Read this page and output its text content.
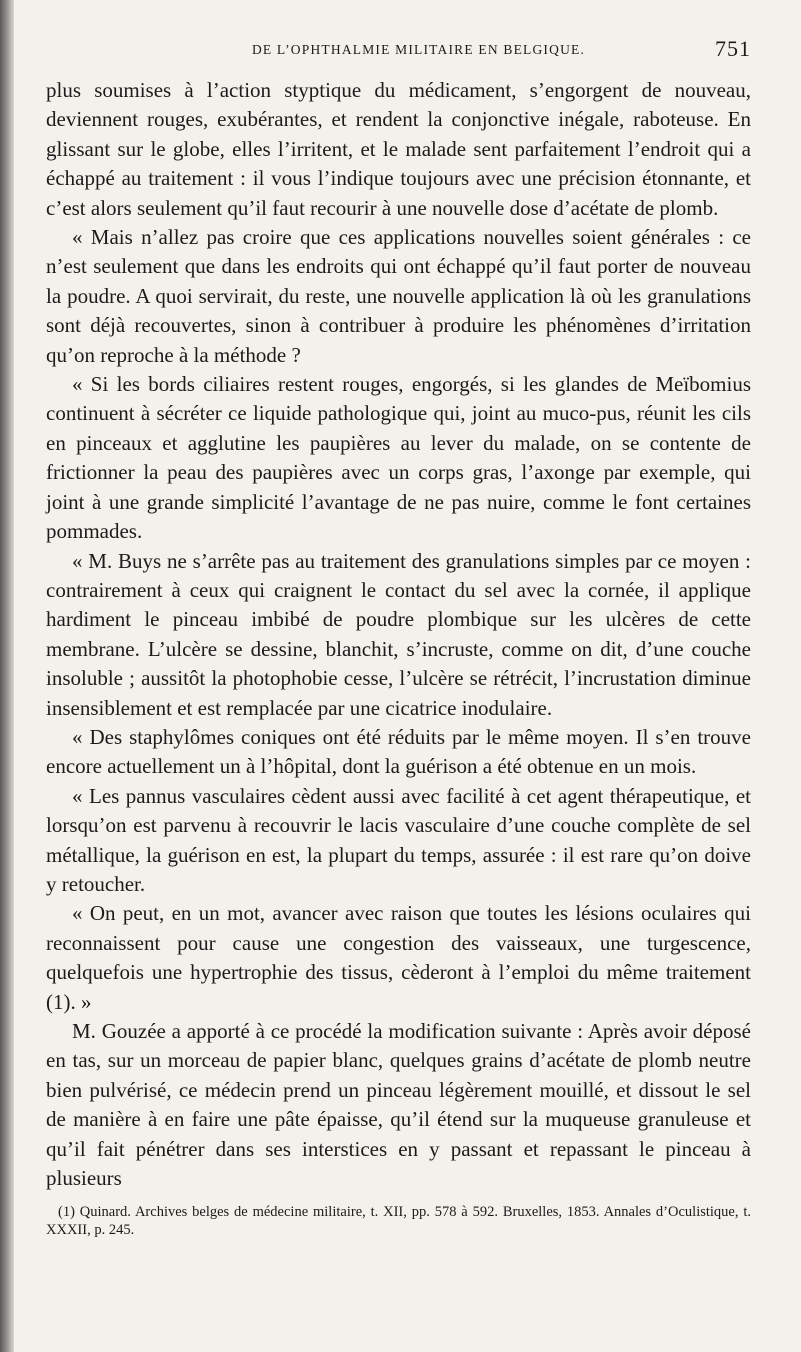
DE L’OPHTHALMIE MILITAIRE EN BELGIQUE.	751

plus soumises à l’action styptique du médicament, s’engorgent de nouveau, deviennent rouges, exubérantes, et rendent la conjonctive inégale, raboteuse. En glissant sur le globe, elles l’irritent, et le malade sent parfaitement l’endroit qui a échappé au traitement : il vous l’indique toujours avec une précision étonnante, et c’est alors seulement qu’il faut recourir à une nouvelle dose d’acétate de plomb.

« Mais n’allez pas croire que ces applications nouvelles soient générales : ce n’est seulement que dans les endroits qui ont échappé qu’il faut porter de nouveau la poudre. A quoi servirait, du reste, une nouvelle application là où les granulations sont déjà recouvertes, sinon à contribuer à produire les phénomènes d’irritation qu’on reproche à la méthode ?

« Si les bords ciliaires restent rouges, engorgés, si les glandes de Meïbomius continuent à sécréter ce liquide pathologique qui, joint au muco-pus, réunit les cils en pinceaux et agglutine les paupières au lever du malade, on se contente de frictionner la peau des paupières avec un corps gras, l’axonge par exemple, qui joint à une grande simplicité l’avantage de ne pas nuire, comme le font certaines pommades.

« M. Buys ne s’arrête pas au traitement des granulations simples par ce moyen : contrairement à ceux qui craignent le contact du sel avec la cornée, il applique hardiment le pinceau imbibé de poudre plombique sur les ulcères de cette membrane. L’ulcère se dessine, blanchit, s’incruste, comme on dit, d’une couche insoluble ; aussitôt la photophobie cesse, l’ulcère se rétrécit, l’incrustation diminue insensiblement et est remplacée par une cicatrice inodulaire.

« Des staphylômes coniques ont été réduits par le même moyen. Il s’en trouve encore actuellement un à l’hôpital, dont la guérison a été obtenue en un mois.

« Les pannus vasculaires cèdent aussi avec facilité à cet agent thérapeutique, et lorsqu’on est parvenu à recouvrir le lacis vasculaire d’une couche complète de sel métallique, la guérison en est, la plupart du temps, assurée : il est rare qu’on doive y retoucher.

« On peut, en un mot, avancer avec raison que toutes les lésions oculaires qui reconnaissent pour cause une congestion des vaisseaux, une turgescence, quelquefois une hypertrophie des tissus, cèderont à l’emploi du même traitement (1). »

M. Gouzée a apporté à ce procédé la modification suivante : Après avoir déposé en tas, sur un morceau de papier blanc, quelques grains d’acétate de plomb neutre bien pulvérisé, ce médecin prend un pinceau légèrement mouillé, et dissout le sel de manière à en faire une pâte épaisse, qu’il étend sur la muqueuse granuleuse et qu’il fait pénétrer dans ses interstices en y passant et repassant le pinceau à plusieurs

(1) Quinard. Archives belges de médecine militaire, t. XII, pp. 578 à 592. Bruxelles, 1853. Annales d’Oculistique, t. XXXII, p. 245.
